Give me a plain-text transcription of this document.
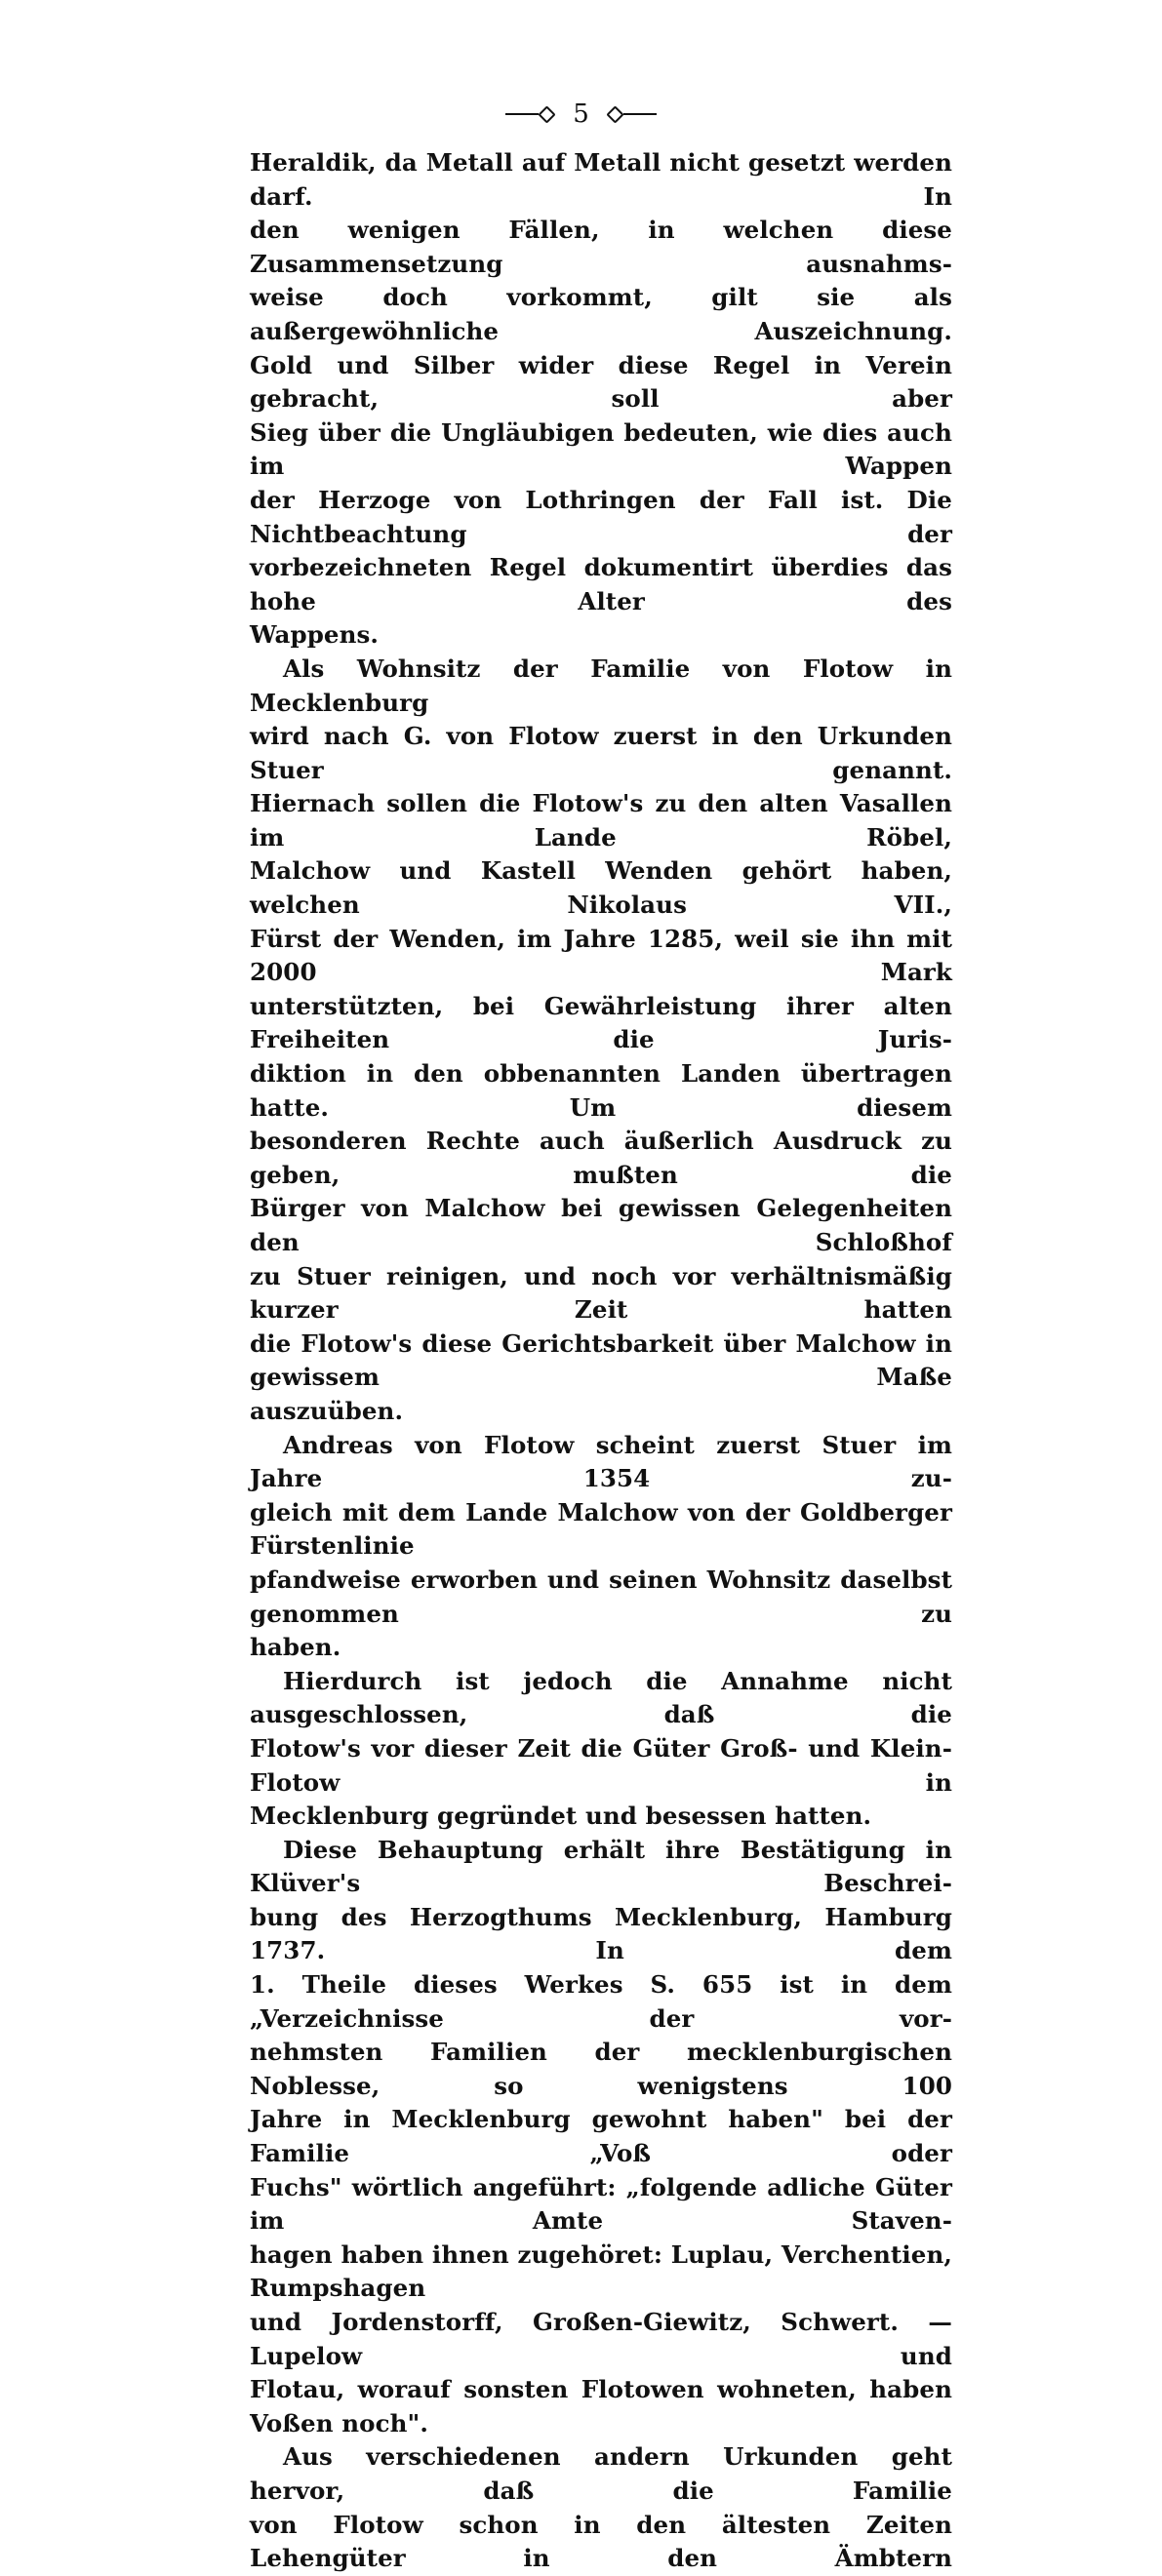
5

Heraldik, da Metall auf Metall nicht gesetzt werden darf. In

den wenigen Fällen, in welchen diese Zusammensetzung ausnahms-

weise doch vorkommt, gilt sie als außergewöhnliche Auszeichnung.

Gold und Silber wider diese Regel in Verein gebracht, soll aber

Sieg über die Ungläubigen bedeuten, wie dies auch im Wappen

der Herzoge von Lothringen der Fall ist. Die Nichtbeachtung der

vorbezeichneten Regel dokumentirt überdies das hohe Alter des

Wappens.

Als Wohnsitz der Familie von Flotow in Mecklenburg

wird nach G. von Flotow zuerst in den Urkunden Stuer genannt.

Hiernach sollen die Flotow's zu den alten Vasallen im Lande Röbel,

Malchow und Kastell Wenden gehört haben, welchen Nikolaus VII.,

Fürst der Wenden, im Jahre 1285, weil sie ihn mit 2000 Mark

unterstützten, bei Gewährleistung ihrer alten Freiheiten die Juris-

diktion in den obbenannten Landen übertragen hatte. Um diesem

besonderen Rechte auch äußerlich Ausdruck zu geben, mußten die

Bürger von Malchow bei gewissen Gelegenheiten den Schloßhof

zu Stuer reinigen, und noch vor verhältnismäßig kurzer Zeit hatten

die Flotow's diese Gerichtsbarkeit über Malchow in gewissem Maße

auszuüben.

Andreas von Flotow scheint zuerst Stuer im Jahre 1354 zu-

gleich mit dem Lande Malchow von der Goldberger Fürstenlinie

pfandweise erworben und seinen Wohnsitz daselbst genommen zu

haben.

Hierdurch ist jedoch die Annahme nicht ausgeschlossen, daß die

Flotow's vor dieser Zeit die Güter Groß- und Klein-Flotow in

Mecklenburg gegründet und besessen hatten.

Diese Behauptung erhält ihre Bestätigung in Klüver's Beschrei-

bung des Herzogthums Mecklenburg, Hamburg 1737. In dem

1. Theile dieses Werkes S. 655 ist in dem „Verzeichnisse der vor-

nehmsten Familien der mecklenburgischen Noblesse, so wenigstens 100

Jahre in Mecklenburg gewohnt haben" bei der Familie „Voß oder

Fuchs" wörtlich angeführt: „folgende adliche Güter im Amte Staven-

hagen haben ihnen zugehöret: Luplau, Verchentien, Rumpshagen

und Jordenstorff, Großen-Giewitz, Schwert. — Lupelow und

Flotau, worauf sonsten Flotowen wohneten, haben Voßen noch".

Aus verschiedenen andern Urkunden geht hervor, daß die Familie

von Flotow schon in den ältesten Zeiten Lehengüter in den Ämbtern
